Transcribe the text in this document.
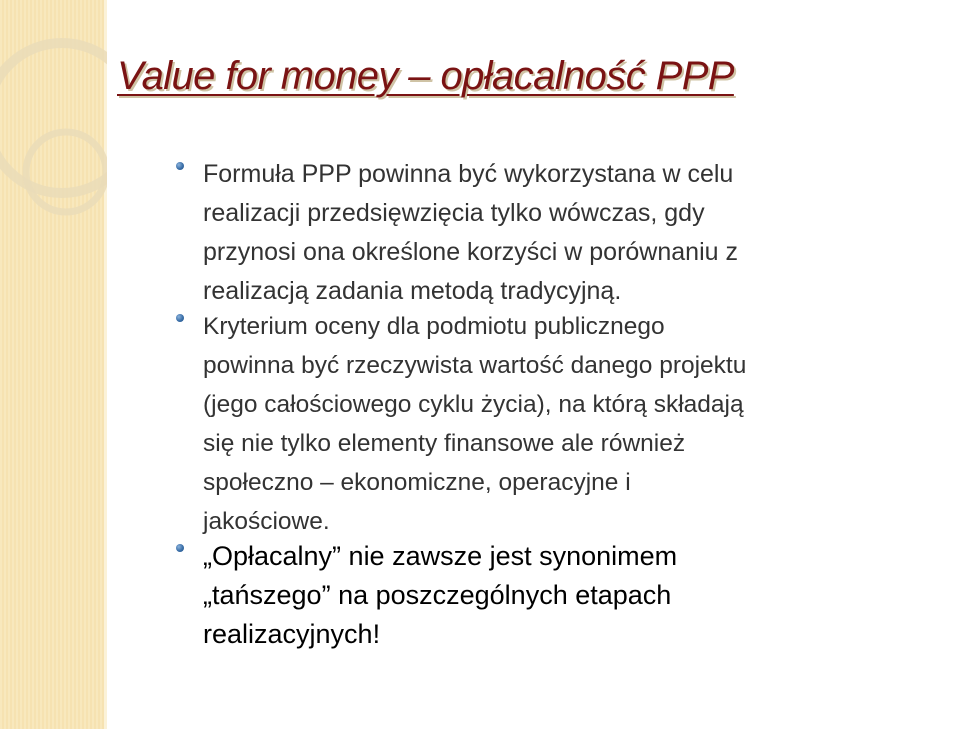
Value for money – opłacalność PPP
Formuła PPP powinna być wykorzystana w celu realizacji przedsięwzięcia tylko wówczas, gdy przynosi ona określone korzyści w porównaniu z realizacją zadania metodą tradycyjną.
Kryterium oceny dla podmiotu publicznego powinna być rzeczywista wartość danego projektu (jego całościowego cyklu życia), na którą składają się nie tylko elementy finansowe ale również społeczno – ekonomiczne, operacyjne i jakościowe.
„Opłacalny” nie zawsze jest synonimem „tańszego” na poszczególnych etapach realizacyjnych!
